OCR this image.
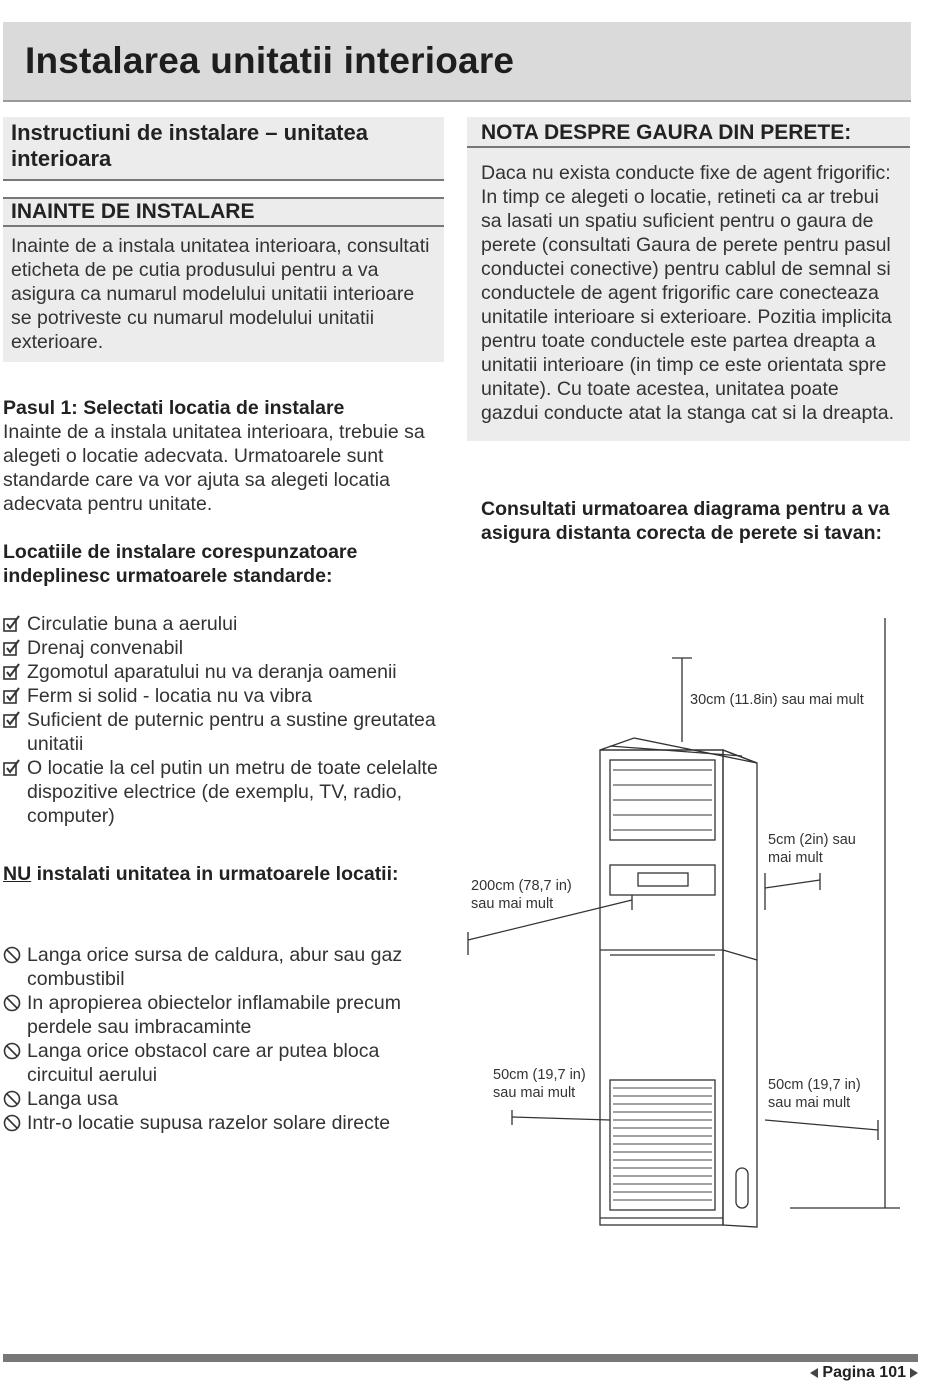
Instalarea unitatii interioare
Instructiuni de instalare – unitatea interioara
INAINTE DE INSTALARE
Inainte de a instala unitatea interioara, consultati eticheta de pe cutia produsului pentru a va asigura ca numarul modelului unitatii interioare se potriveste cu numarul modelului unitatii exterioare.
Pasul 1: Selectati locatia de instalare
Inainte de a instala unitatea interioara, trebuie sa alegeti o locatie adecvata. Urmatoarele sunt standarde care va vor ajuta sa alegeti locatia adecvata pentru unitate.
Locatiile de instalare corespunzatoare indeplinesc urmatoarele standarde:
Circulatie buna a aerului
Drenaj convenabil
Zgomotul aparatului nu va deranja oamenii
Ferm si solid - locatia nu va vibra
Suficient de puternic pentru a sustine greutatea unitatii
O locatie la cel putin un metru de toate celelalte dispozitive electrice (de exemplu, TV, radio, computer)
NU instalati unitatea in urmatoarele locatii:
Langa orice sursa de caldura, abur sau gaz combustibil
In apropierea obiectelor inflamabile precum perdele sau imbracaminte
Langa orice obstacol care ar putea bloca circuitul aerului
Langa usa
Intr-o locatie supusa razelor solare directe
NOTA DESPRE GAURA DIN PERETE:
Daca nu exista conducte fixe de agent frigorific: In timp ce alegeti o locatie, retineti ca ar trebui sa lasati un spatiu suficient pentru o gaura de perete (consultati Gaura de perete pentru pasul conductei conective) pentru cablul de semnal si conductele de agent frigorific care conecteaza unitatile interioare si exterioare. Pozitia implicita pentru toate conductele este partea dreapta a unitatii interioare (in timp ce este orientata spre unitate). Cu toate acestea, unitatea poate gazdui conducte atat la stanga cat si la dreapta.
Consultati urmatoarea diagrama pentru a va asigura distanta corecta de perete si tavan:
30cm (11.8in) sau mai mult
5cm (2in) sau
mai mult
200cm (78,7 in)
sau mai mult
50cm (19,7 in)
sau mai mult	50cm (19,7 in)
sau mai mult
Pagina 101
